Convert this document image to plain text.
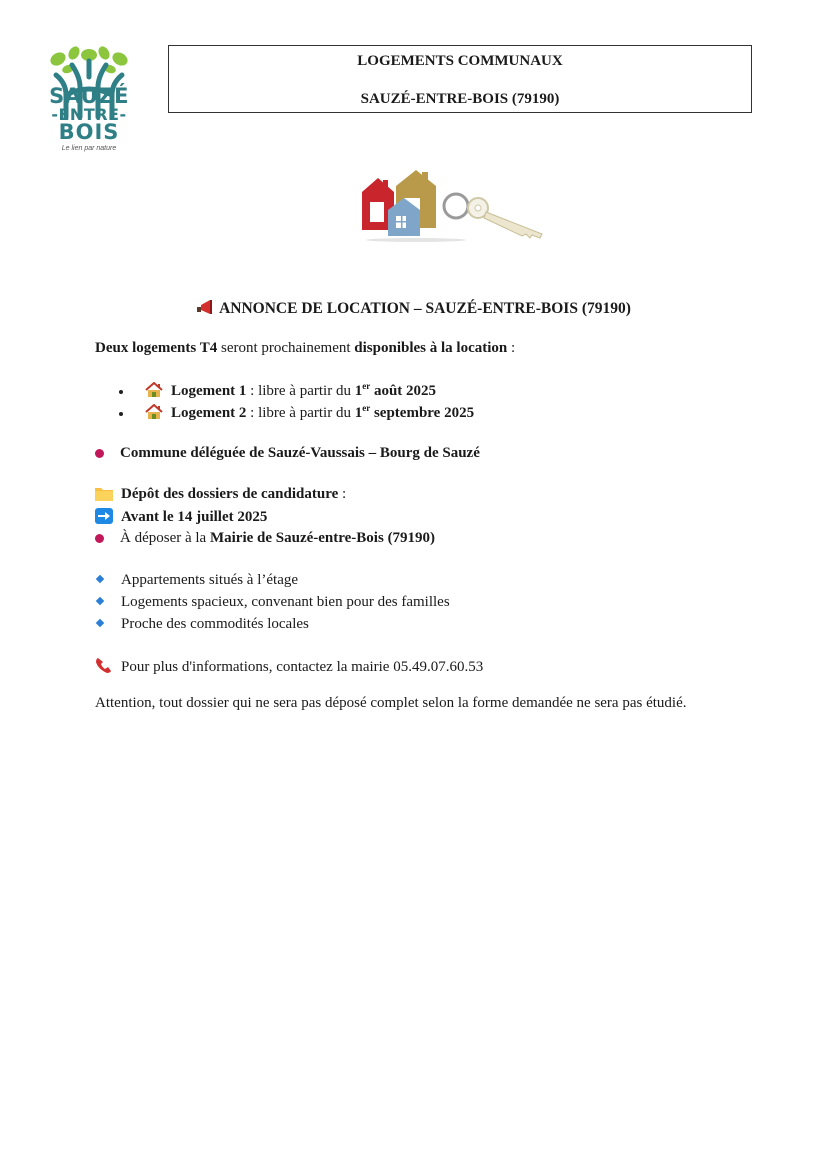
SAUZÉ
-ENTRE-
BOIS
Le lien par nature
LOGEMENTS COMMUNAUX
SAUZÉ-ENTRE-BOIS (79190)
ANNONCE DE LOCATION – SAUZÉ-ENTRE-BOIS (79190)
Deux logements T4 seront prochainement disponibles à la location :
Logement 1 : libre à partir du 1er août 2025
Logement 2 : libre à partir du 1er septembre 2025
Commune déléguée de Sauzé-Vaussais – Bourg de Sauzé
Dépôt des dossiers de candidature :
Avant le 14 juillet 2025
À déposer à la Mairie de Sauzé-entre-Bois (79190)
Appartements situés à l’étage
Logements spacieux, convenant bien pour des familles
Proche des commodités locales
Pour plus d'informations, contactez la mairie 05.49.07.60.53
Attention, tout dossier qui ne sera pas déposé complet selon la forme demandée ne sera pas étudié.
